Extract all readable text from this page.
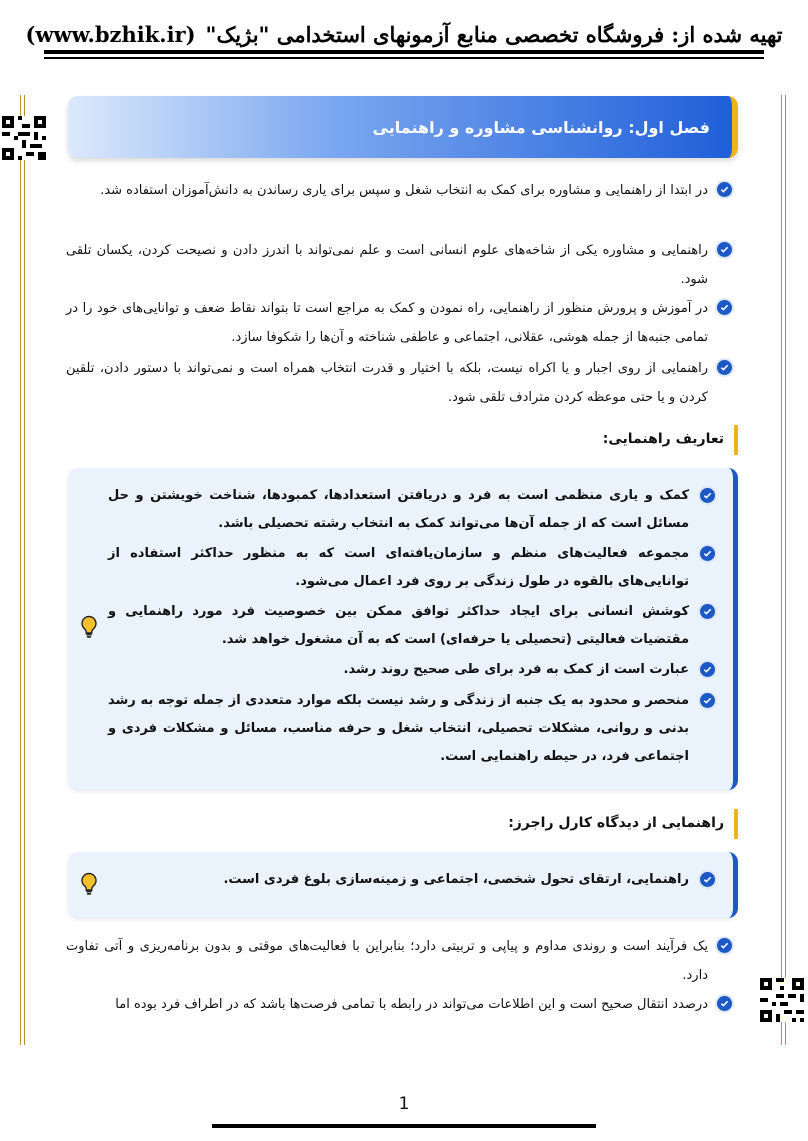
تهیه شده از: فروشگاه تخصصی منابع آزمونهای استخدامی "بژیک"
(www.bzhik.ir)
فصل اول: روانشناسی مشاوره و راهنمایی
در ابتدا از راهنمایی و مشاوره برای کمک به انتخاب شغل و سپس برای یاری رساندن به دانش‌آموزان استفاده شد.
راهنمایی و مشاوره یکی از شاخه‌های علوم انسانی است و علم نمی‌تواند با اندرز دادن و نصیحت کردن، یکسان تلقی شود.
در آموزش و پرورش منظور از راهنمایی، راه نمودن و کمک به مراجع است تا بتواند نقاط ضعف و توانایی‌های خود را در تمامی جنبه‌ها از جمله هوشی، عقلانی، اجتماعی و عاطفی شناخته و آن‌ها را شکوفا سازد.
راهنمایی از روی اجبار و یا اکراه نیست، بلکه با اختیار و قدرت انتخاب همراه است و نمی‌تواند با دستور دادن، تلقین کردن و یا حتی موعظه کردن مترادف تلقی شود.
تعاریف راهنمایی:
کمک و یاری منظمی است به فرد و دریافتن استعدادها، کمبودها، شناخت خویشتن و حل مسائل است که از جمله آن‌ها می‌تواند کمک به انتخاب رشته تحصیلی باشد.
مجموعه فعالیت‌های منظم و سازمان‌یافته‌ای است که به منظور حداکثر استفاده از توانایی‌های بالقوه در طول زندگی بر روی فرد اعمال می‌شود.
کوشش انسانی برای ایجاد حداکثر توافق ممکن بین خصوصیت فرد مورد راهنمایی و مقتضیات فعالیتی (تحصیلی یا حرفه‌ای) است که به آن مشغول خواهد شد.
عبارت است از کمک به فرد برای طی صحیح روند رشد.
منحصر و محدود به یک جنبه از زندگی و رشد نیست بلکه موارد متعددی از جمله توجه به رشد بدنی و روانی، مشکلات تحصیلی، انتخاب شغل و حرفه مناسب، مسائل و مشکلات فردی و اجتماعی فرد، در حیطه راهنمایی است.
راهنمایی از دیدگاه کارل راجرز:
راهنمایی، ارتقای تحول شخصی، اجتماعی و زمینه‌سازی بلوغ فردی است.
یک فرآیند است و روندی مداوم و پیاپی و تربیتی دارد؛ بنابراین با فعالیت‌های موقتی و بدون برنامه‌ریزی و آتی تفاوت دارد.
درصدد انتقال صحیح است و این اطلاعات می‌تواند در رابطه با تمامی فرصت‌ها باشد که در اطراف فرد بوده اما
1
